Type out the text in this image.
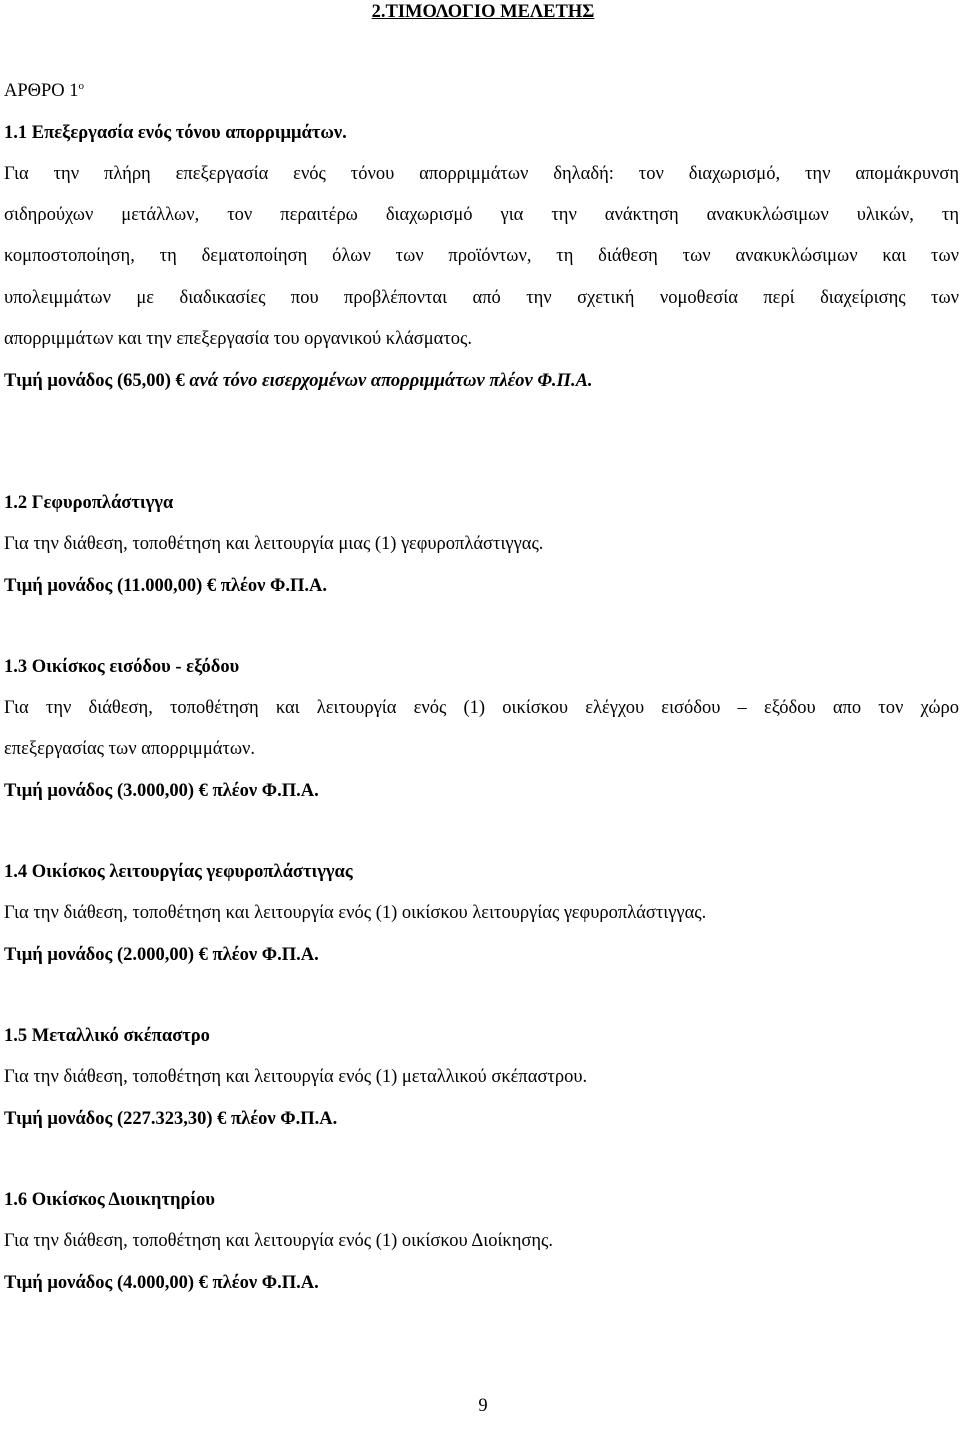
2.ΤΙΜΟΛΟΓΙΟ ΜΕΛΕΤΗΣ
ΑΡΘΡΟ $1^o$
1.1 Επεξεργασία ενός τόνου απορριμμάτων.
Για την πλήρη επεξεργασία ενός τόνου απορριμμάτων δηλαδή: τον διαχωρισμό, την απομάκρυνση
σιδηρούχων μετάλλων, τον περαιτέρω διαχωρισμό για την ανάκτηση ανακυκλώσιμων υλικών, τη
κομποστοποίηση, τη δεματοποίηση όλων των προϊόντων, τη διάθεση των ανακυκλώσιμων και των
υπολειμμάτων με διαδικασίες που προβλέπονται από την σχετική νομοθεσία περί διαχείρισης των
απορριμμάτων και την επεξεργασία του οργανικού κλάσματος.
Τιμή μονάδος (65,00) € ανά τόνο εισερχομένων απορριμμάτων πλέον Φ.Π.Α.
1.2 Γεφυροπλάστιγγα
Για την διάθεση, τοποθέτηση και λειτουργία μιας (1) γεφυροπλάστιγγας.
Τιμή μονάδος (11.000,00) € πλέον Φ.Π.Α.
1.3 Οικίσκος εισόδου - εξόδου
Για την διάθεση, τοποθέτηση και λειτουργία ενός (1) οικίσκου ελέγχου εισόδου – εξόδου απο τον χώρο
επεξεργασίας των απορριμμάτων.
Τιμή μονάδος (3.000,00) € πλέον Φ.Π.Α.
1.4 Οικίσκος λειτουργίας γεφυροπλάστιγγας
Για την διάθεση, τοποθέτηση και λειτουργία ενός (1) οικίσκου λειτουργίας γεφυροπλάστιγγας.
Τιμή μονάδος (2.000,00) € πλέον Φ.Π.Α.
1.5 Μεταλλικό σκέπαστρο
Για την διάθεση, τοποθέτηση και λειτουργία ενός (1) μεταλλικού σκέπαστρου.
Τιμή μονάδος (227.323,30) € πλέον Φ.Π.Α.
1.6 Οικίσκος Διοικητηρίου
Για την διάθεση, τοποθέτηση και λειτουργία ενός (1) οικίσκου Διοίκησης.
Τιμή μονάδος (4.000,00) € πλέον Φ.Π.Α.
9
